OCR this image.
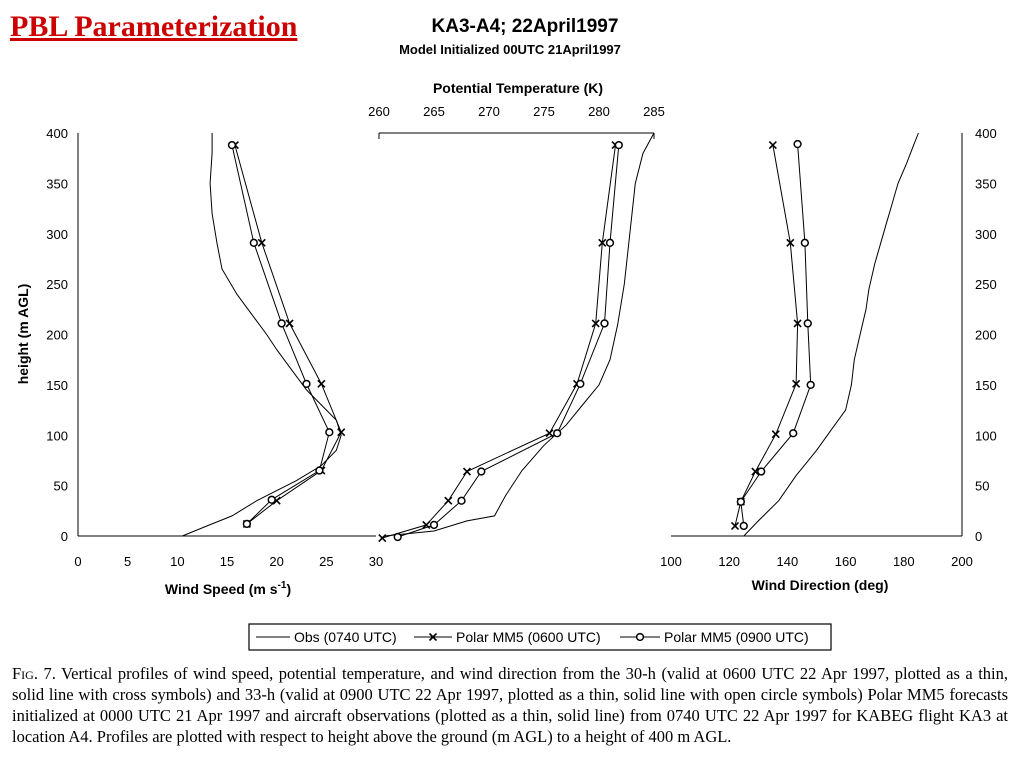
PBL Parameterization	KA3-A4; 22April1997
Model Initialized 00UTC 21April1997
0	5	10	15	20	25	30
Wind Speed (m $s^{-1}$)
0
50
100
150
200
250
300
350
400
height (m AGL)
260	265	270	275	280	285
Potential Temperature (K)
100	120	140	160	180	200
Wind Direction (deg)
0
50
100
150
200
250
300
350
400
Obs (0740 UTC)	Polar MM5 (0600 UTC)	Polar MM5 (0900 UTC)
Fig. 7. Vertical profiles of wind speed, potential temperature, and wind direction from the 30-h (valid at 0600 UTC 22 Apr 1997, plotted as a thin, solid line with cross symbols) and 33-h (valid at 0900 UTC 22 Apr 1997, plotted as a thin, solid line with open circle symbols) Polar MM5 forecasts initialized at 0000 UTC 21 Apr 1997 and aircraft observations (plotted as a thin, solid line) from 0740 UTC 22 Apr 1997 for KABEG flight KA3 at location A4. Profiles are plotted with respect to height above the ground (m AGL) to a height of 400 m AGL.
